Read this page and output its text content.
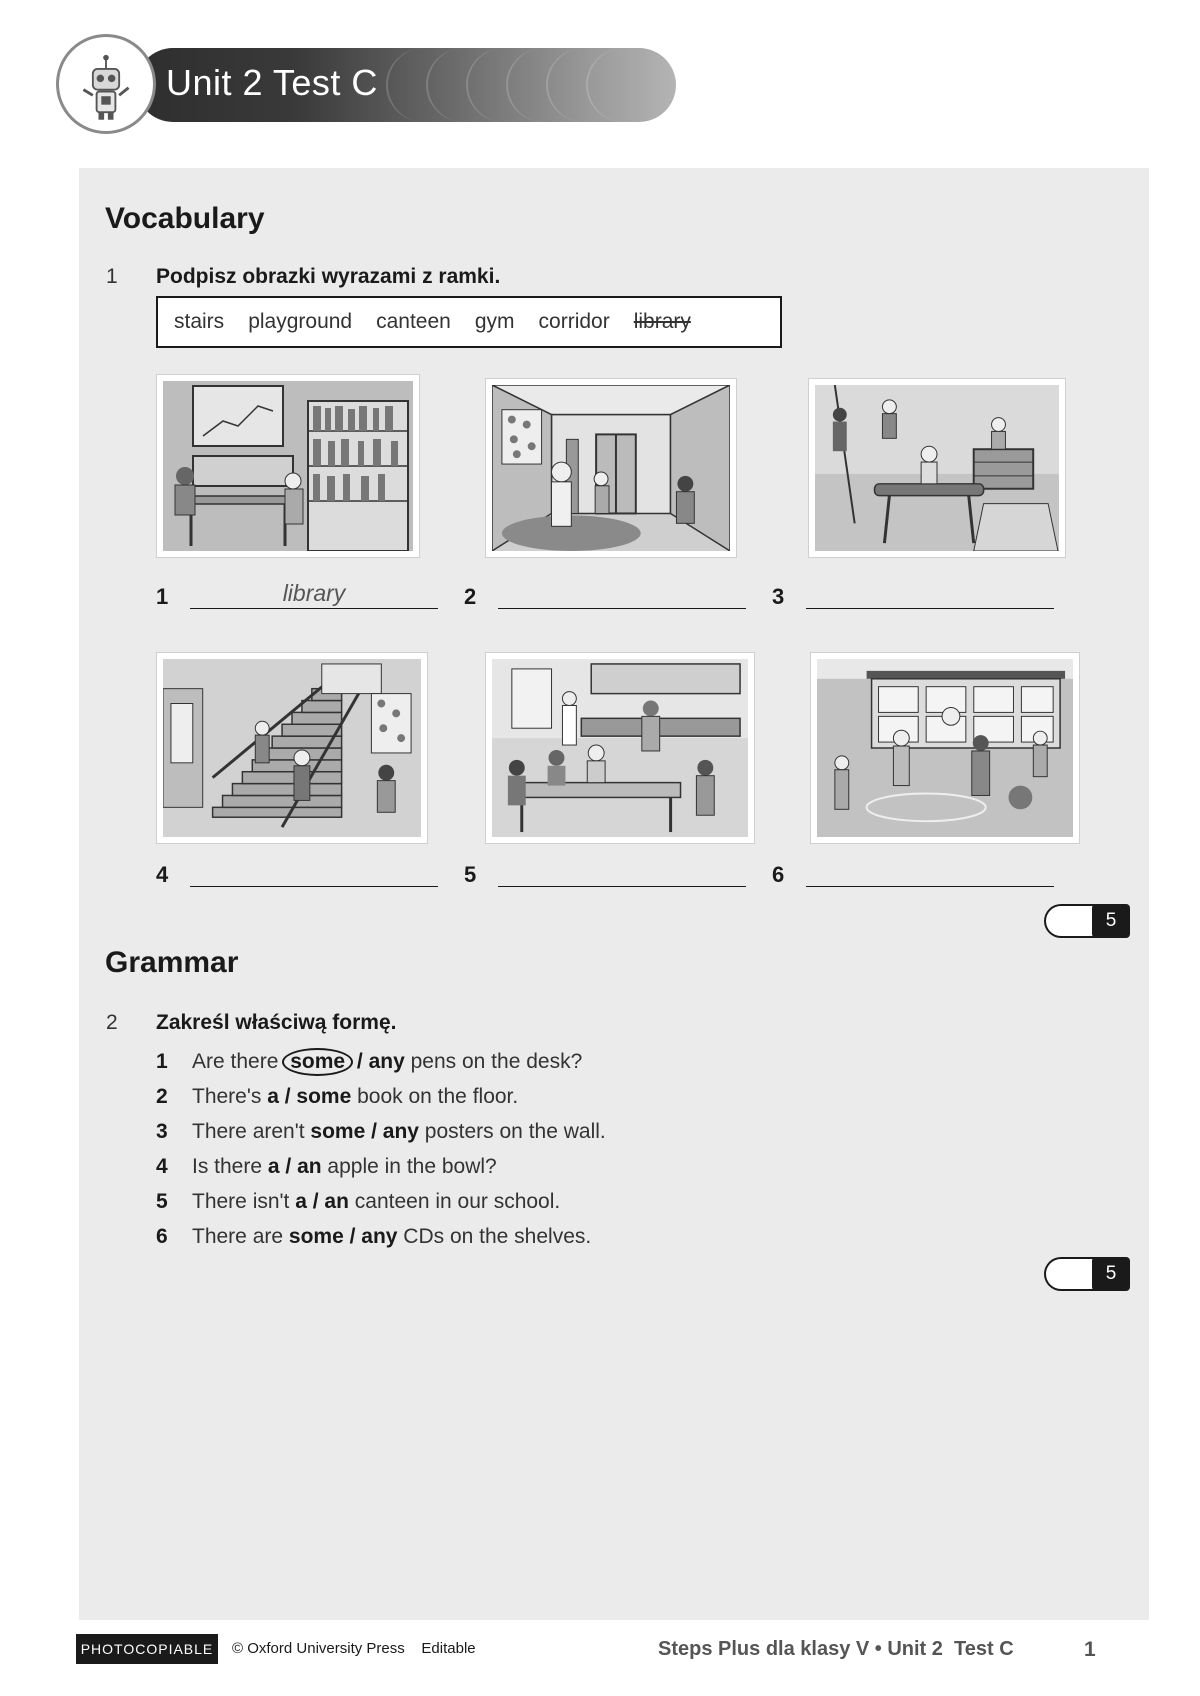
Unit 2 Test C
Vocabulary
1 Podpisz obrazki wyrazami z ramki.
stairs playground canteen gym corridor library
1	library	2	3
4	5	6
5
Grammar
2 Zakreśl właściwą formę.
1 Are there some / any pens on the desk?
2 There's a / some book on the floor.
3 There aren't some / any posters on the wall.
4 Is there a / an apple in the bowl?
5 There isn't a / an canteen in our school.
6 There are some / any CDs on the shelves.
5
PHOTOCOPIABLE	© Oxford University Press    Editable	Steps Plus dla klasy V • Unit 2  Test C	1
